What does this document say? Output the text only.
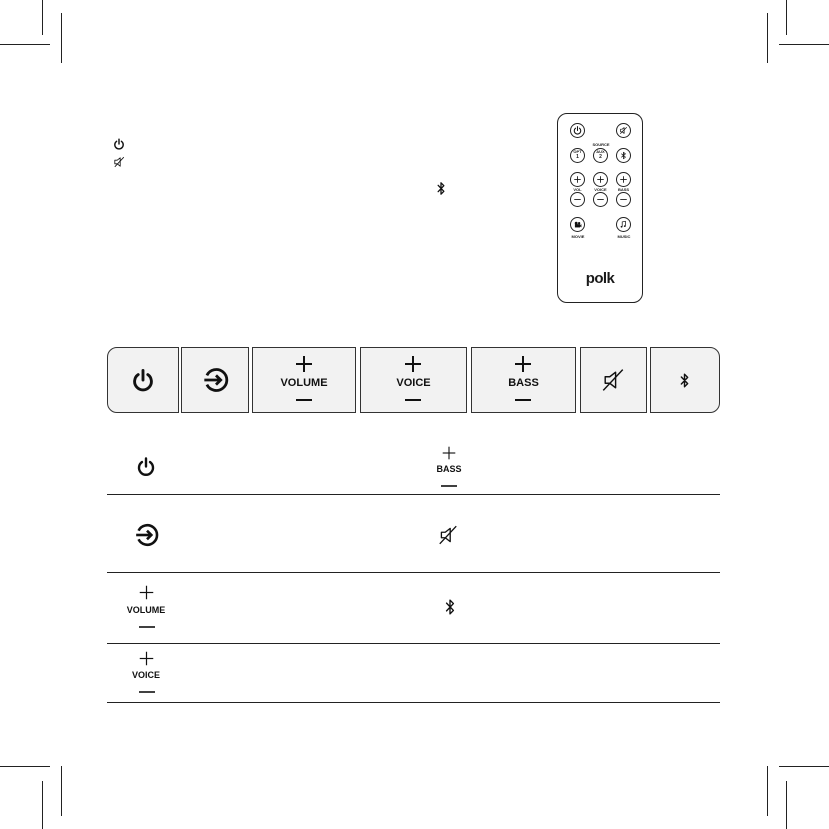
SOURCE
OPT
1
AUX
2
VOL	VOICE	BASS
MOVIE	MUSIC
polk
VOLUME	VOICE	BASS
BASS
VOLUME
VOICE
